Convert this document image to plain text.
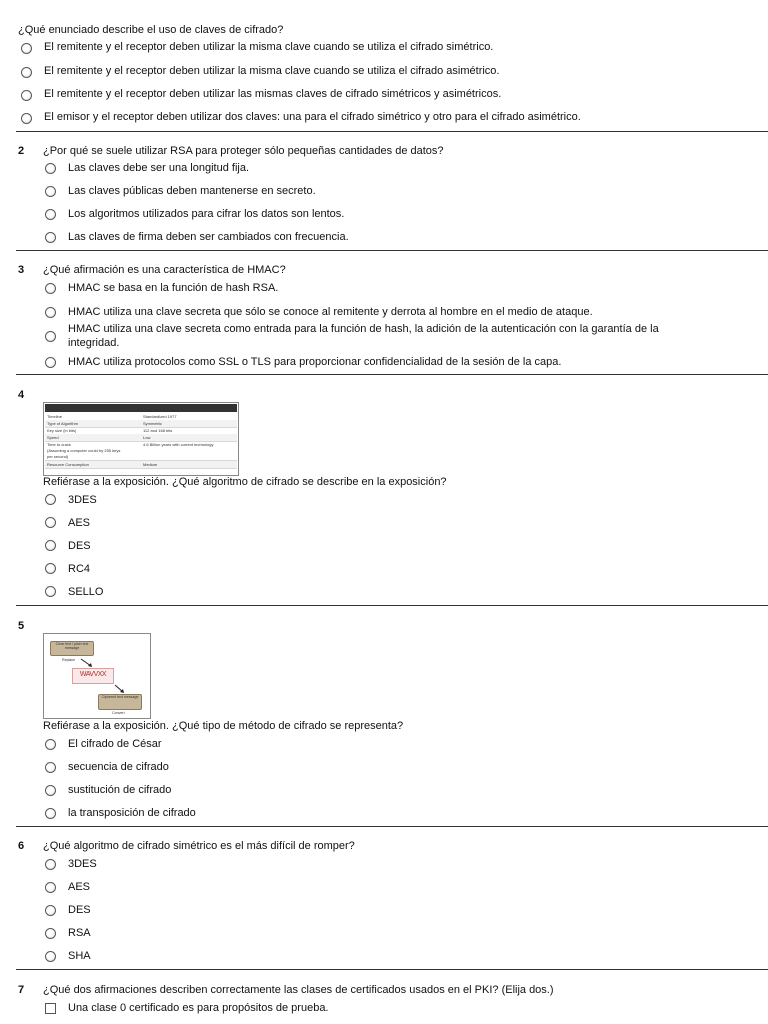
¿Qué enunciado describe el uso de claves de cifrado?
El remitente y el receptor deben utilizar la misma clave cuando se utiliza el cifrado simétrico.
El remitente y el receptor deben utilizar la misma clave cuando se utiliza el cifrado asimétrico.
El remitente y el receptor deben utilizar las mismas claves de cifrado simétricos y asimétricos.
El emisor y el receptor deben utilizar dos claves: una para el cifrado simétrico y otro para el cifrado asimétrico.
2 ¿Por qué se suele utilizar RSA para proteger sólo pequeñas cantidades de datos?
Las claves debe ser una longitud fija.
Las claves públicas deben mantenerse en secreto.
Los algoritmos utilizados para cifrar los datos son lentos.
Las claves de firma deben ser cambiados con frecuencia.
3 ¿Qué afirmación es una característica de HMAC?
HMAC se basa en la función de hash RSA.
HMAC utiliza una clave secreta que sólo se conoce al remitente y derrota al hombre en el medio de ataque.
HMAC utiliza una clave secreta como entrada para la función de hash, la adición de la autenticación con la garantía de la
integridad.
HMAC utiliza protocolos como SSL o TLS para proporcionar confidencialidad de la sesión de la capa.
4
Timeline	Standardized 1977
Type of Algorithm	Symmetric
Key size (in bits)	112 and 168 bits
Speed	Low
Time to crack	4.6 Billion years with current technology
(Assuming a computer could try 255 keys
per second)
Resource Consumption	Medium
Refiérase a la exposición. ¿Qué algoritmo de cifrado se describe en la exposición?
3DES
AES
DES
RC4
SELLO
5
Clear text / plain text message
Replace
WAVVXX
Ciphered text message
Convert
Refiérase a la exposición. ¿Qué tipo de método de cifrado se representa?
El cifrado de César
secuencia de cifrado
sustitución de cifrado
la transposición de cifrado
6 ¿Qué algoritmo de cifrado simétrico es el más difícil de romper?
3DES
AES
DES
RSA
SHA
7 ¿Qué dos afirmaciones describen correctamente las clases de certificados usados en el PKI? (Elija dos.)
Una clase 0 certificado es para propósitos de prueba.
